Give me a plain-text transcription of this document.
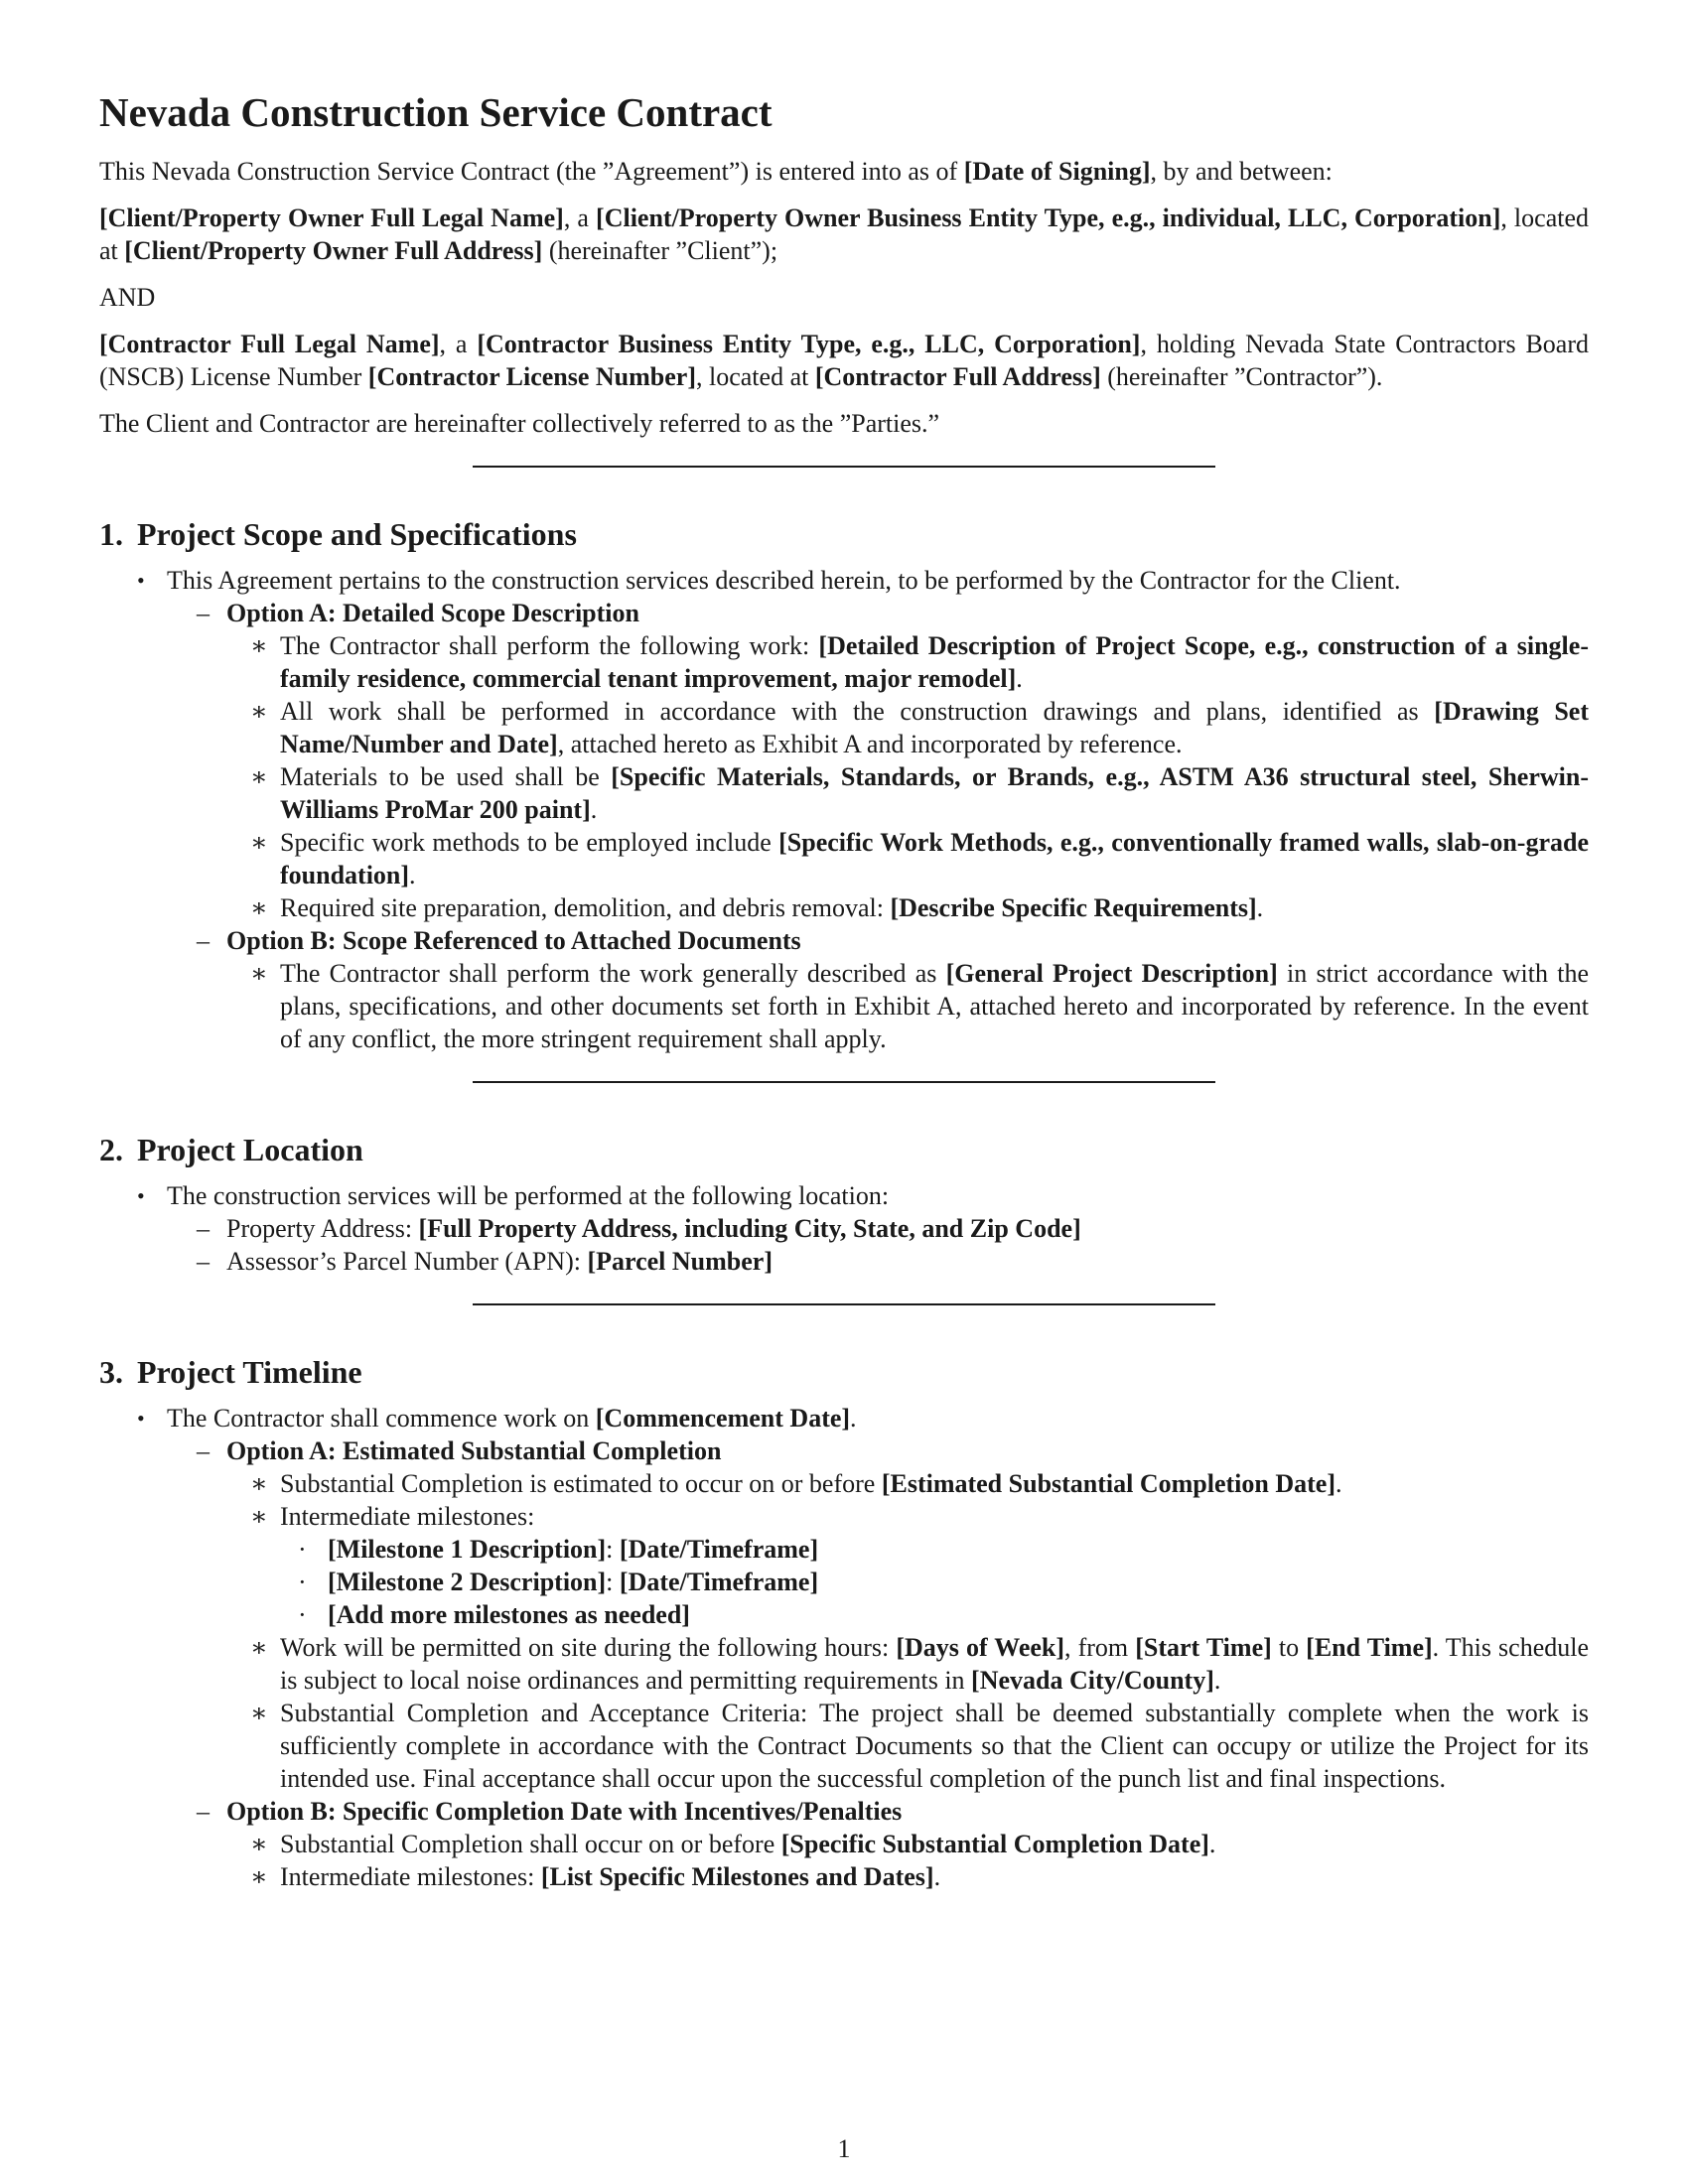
Nevada Construction Service Contract

This Nevada Construction Service Contract (the ”Agreement”) is entered into as of [Date of Signing], by and between:

[Client/Property Owner Full Legal Name], a [Client/Property Owner Business Entity Type, e.g., individual, LLC, Corporation], located at [Client/Property Owner Full Address] (hereinafter ”Client”);

AND

[Contractor Full Legal Name], a [Contractor Business Entity Type, e.g., LLC, Corporation], holding Nevada State Contractors Board (NSCB) License Number [Contractor License Number], located at [Contractor Full Address] (hereinafter ”Contractor”).

The Client and Contractor are hereinafter collectively referred to as the ”Parties.”

1. Project Scope and Specifications
• This Agreement pertains to the construction services described herein, to be performed by the Contractor for the Client.
– Option A: Detailed Scope Description
∗ The Contractor shall perform the following work: [Detailed Description of Project Scope, e.g., construction of a single-family residence, commercial tenant improvement, major remodel].
∗ All work shall be performed in accordance with the construction drawings and plans, identified as [Drawing Set Name/Number and Date], attached hereto as Exhibit A and incorporated by reference.
∗ Materials to be used shall be [Specific Materials, Standards, or Brands, e.g., ASTM A36 structural steel, Sherwin-Williams ProMar 200 paint].
∗ Specific work methods to be employed include [Specific Work Methods, e.g., conventionally framed walls, slab-on-grade foundation].
∗ Required site preparation, demolition, and debris removal: [Describe Specific Requirements].
– Option B: Scope Referenced to Attached Documents
∗ The Contractor shall perform the work generally described as [General Project Description] in strict accordance with the plans, specifications, and other documents set forth in Exhibit A, attached hereto and incorporated by reference. In the event of any conflict, the more stringent requirement shall apply.
2. Project Location
• The construction services will be performed at the following location:
– Property Address: [Full Property Address, including City, State, and Zip Code]
– Assessor’s Parcel Number (APN): [Parcel Number]
3. Project Timeline
• The Contractor shall commence work on [Commencement Date].
– Option A: Estimated Substantial Completion
∗ Substantial Completion is estimated to occur on or before [Estimated Substantial Completion Date].
∗ Intermediate milestones:
· [Milestone 1 Description]: [Date/Timeframe]
· [Milestone 2 Description]: [Date/Timeframe]
· [Add more milestones as needed]
∗ Work will be permitted on site during the following hours: [Days of Week], from [Start Time] to [End Time]. This schedule is subject to local noise ordinances and permitting requirements in [Nevada City/County].
∗ Substantial Completion and Acceptance Criteria: The project shall be deemed substantially complete when the work is sufficiently complete in accordance with the Contract Documents so that the Client can occupy or utilize the Project for its intended use. Final acceptance shall occur upon the successful completion of the punch list and final inspections.
– Option B: Specific Completion Date with Incentives/Penalties
∗ Substantial Completion shall occur on or before [Specific Substantial Completion Date].
∗ Intermediate milestones: [List Specific Milestones and Dates].
1
